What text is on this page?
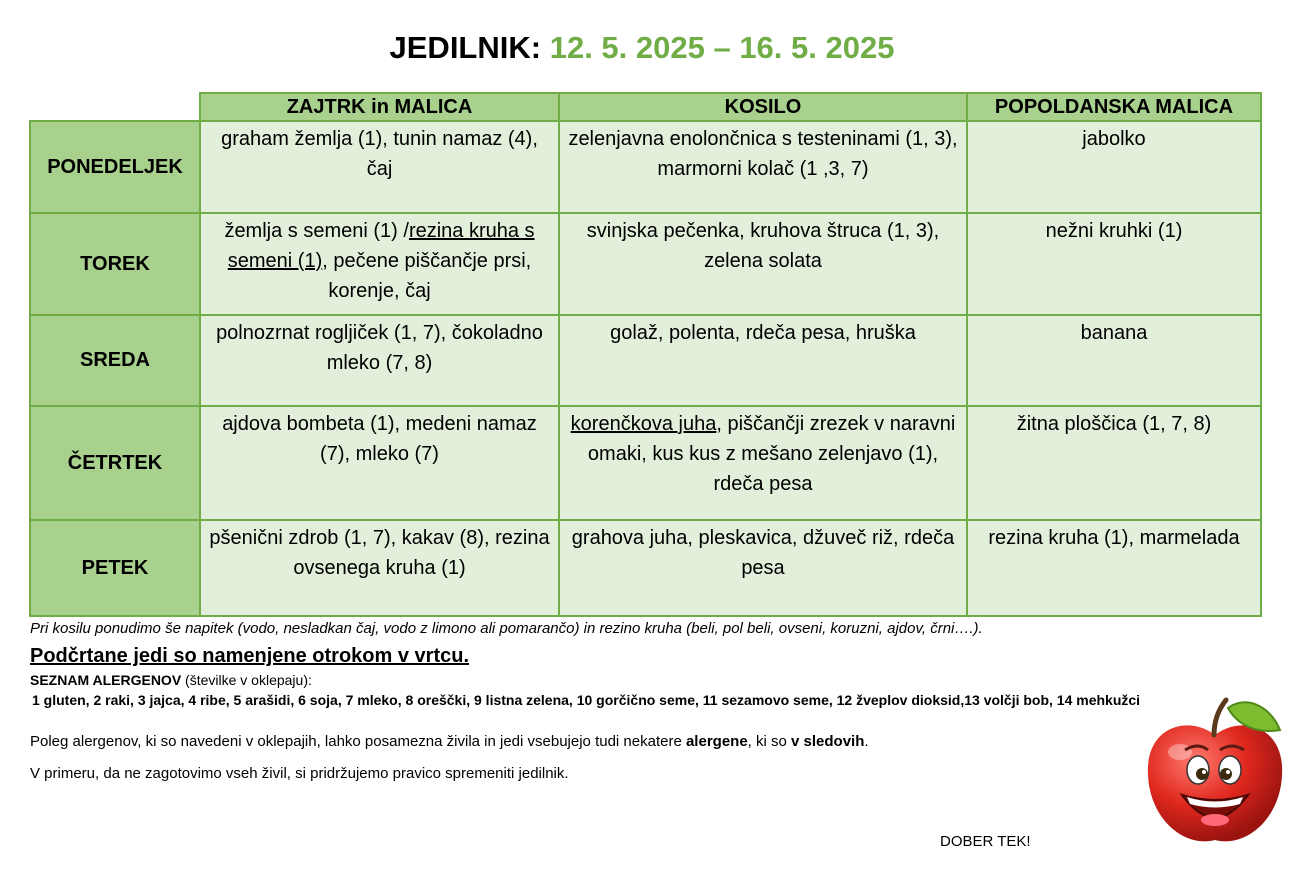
JEDILNIK: 12. 5. 2025 – 16. 5. 2025
	ZAJTRK in MALICA	KOSILO	POPOLDANSKA MALICA
PONEDELJEK	graham žemlja (1), tunin namaz (4), čaj	zelenjavna enolončnica s testeninami (1, 3), marmorni kolač (1 ,3, 7)	jabolko
TOREK	žemlja s semeni (1) /rezina kruha s semeni (1), pečene piščančje prsi, korenje, čaj	svinjska pečenka, kruhova štruca (1, 3), zelena solata	nežni kruhki (1)
SREDA	polnozrnat rogljiček (1, 7), čokoladno mleko (7, 8)	golaž, polenta, rdeča pesa, hruška	banana
ČETRTEK	ajdova bombeta (1), medeni namaz (7), mleko (7)	korenčkova juha, piščančji zrezek v naravni omaki, kus kus z mešano zelenjavo (1), rdeča pesa	žitna ploščica (1, 7, 8)
PETEK	pšenični zdrob (1, 7), kakav (8), rezina ovsenega kruha (1)	grahova juha, pleskavica, džuveč riž, rdeča pesa	rezina kruha (1), marmelada
Pri kosilu ponudimo še napitek (vodo, nesladkan čaj, vodo z limono ali pomarančo) in rezino kruha (beli, pol beli, ovseni, koruzni, ajdov, črni….).
Podčrtane jedi so namenjene otrokom v vrtcu.
SEZNAM ALERGENOV (številke v oklepaju):
1 gluten, 2 raki, 3 jajca, 4 ribe, 5 arašidi, 6 soja, 7 mleko, 8 oreščki, 9 listna zelena, 10 gorčično seme, 11 sezamovo seme, 12 žveplov dioksid,13 volčji bob, 14 mehkužci
Poleg alergenov, ki so navedeni v oklepajih, lahko posamezna živila in jedi vsebujejo tudi nekatere alergene, ki so v sledovih.
V primeru, da ne zagotovimo vseh živil, si pridržujemo pravico spremeniti jedilnik.
DOBER TEK!
